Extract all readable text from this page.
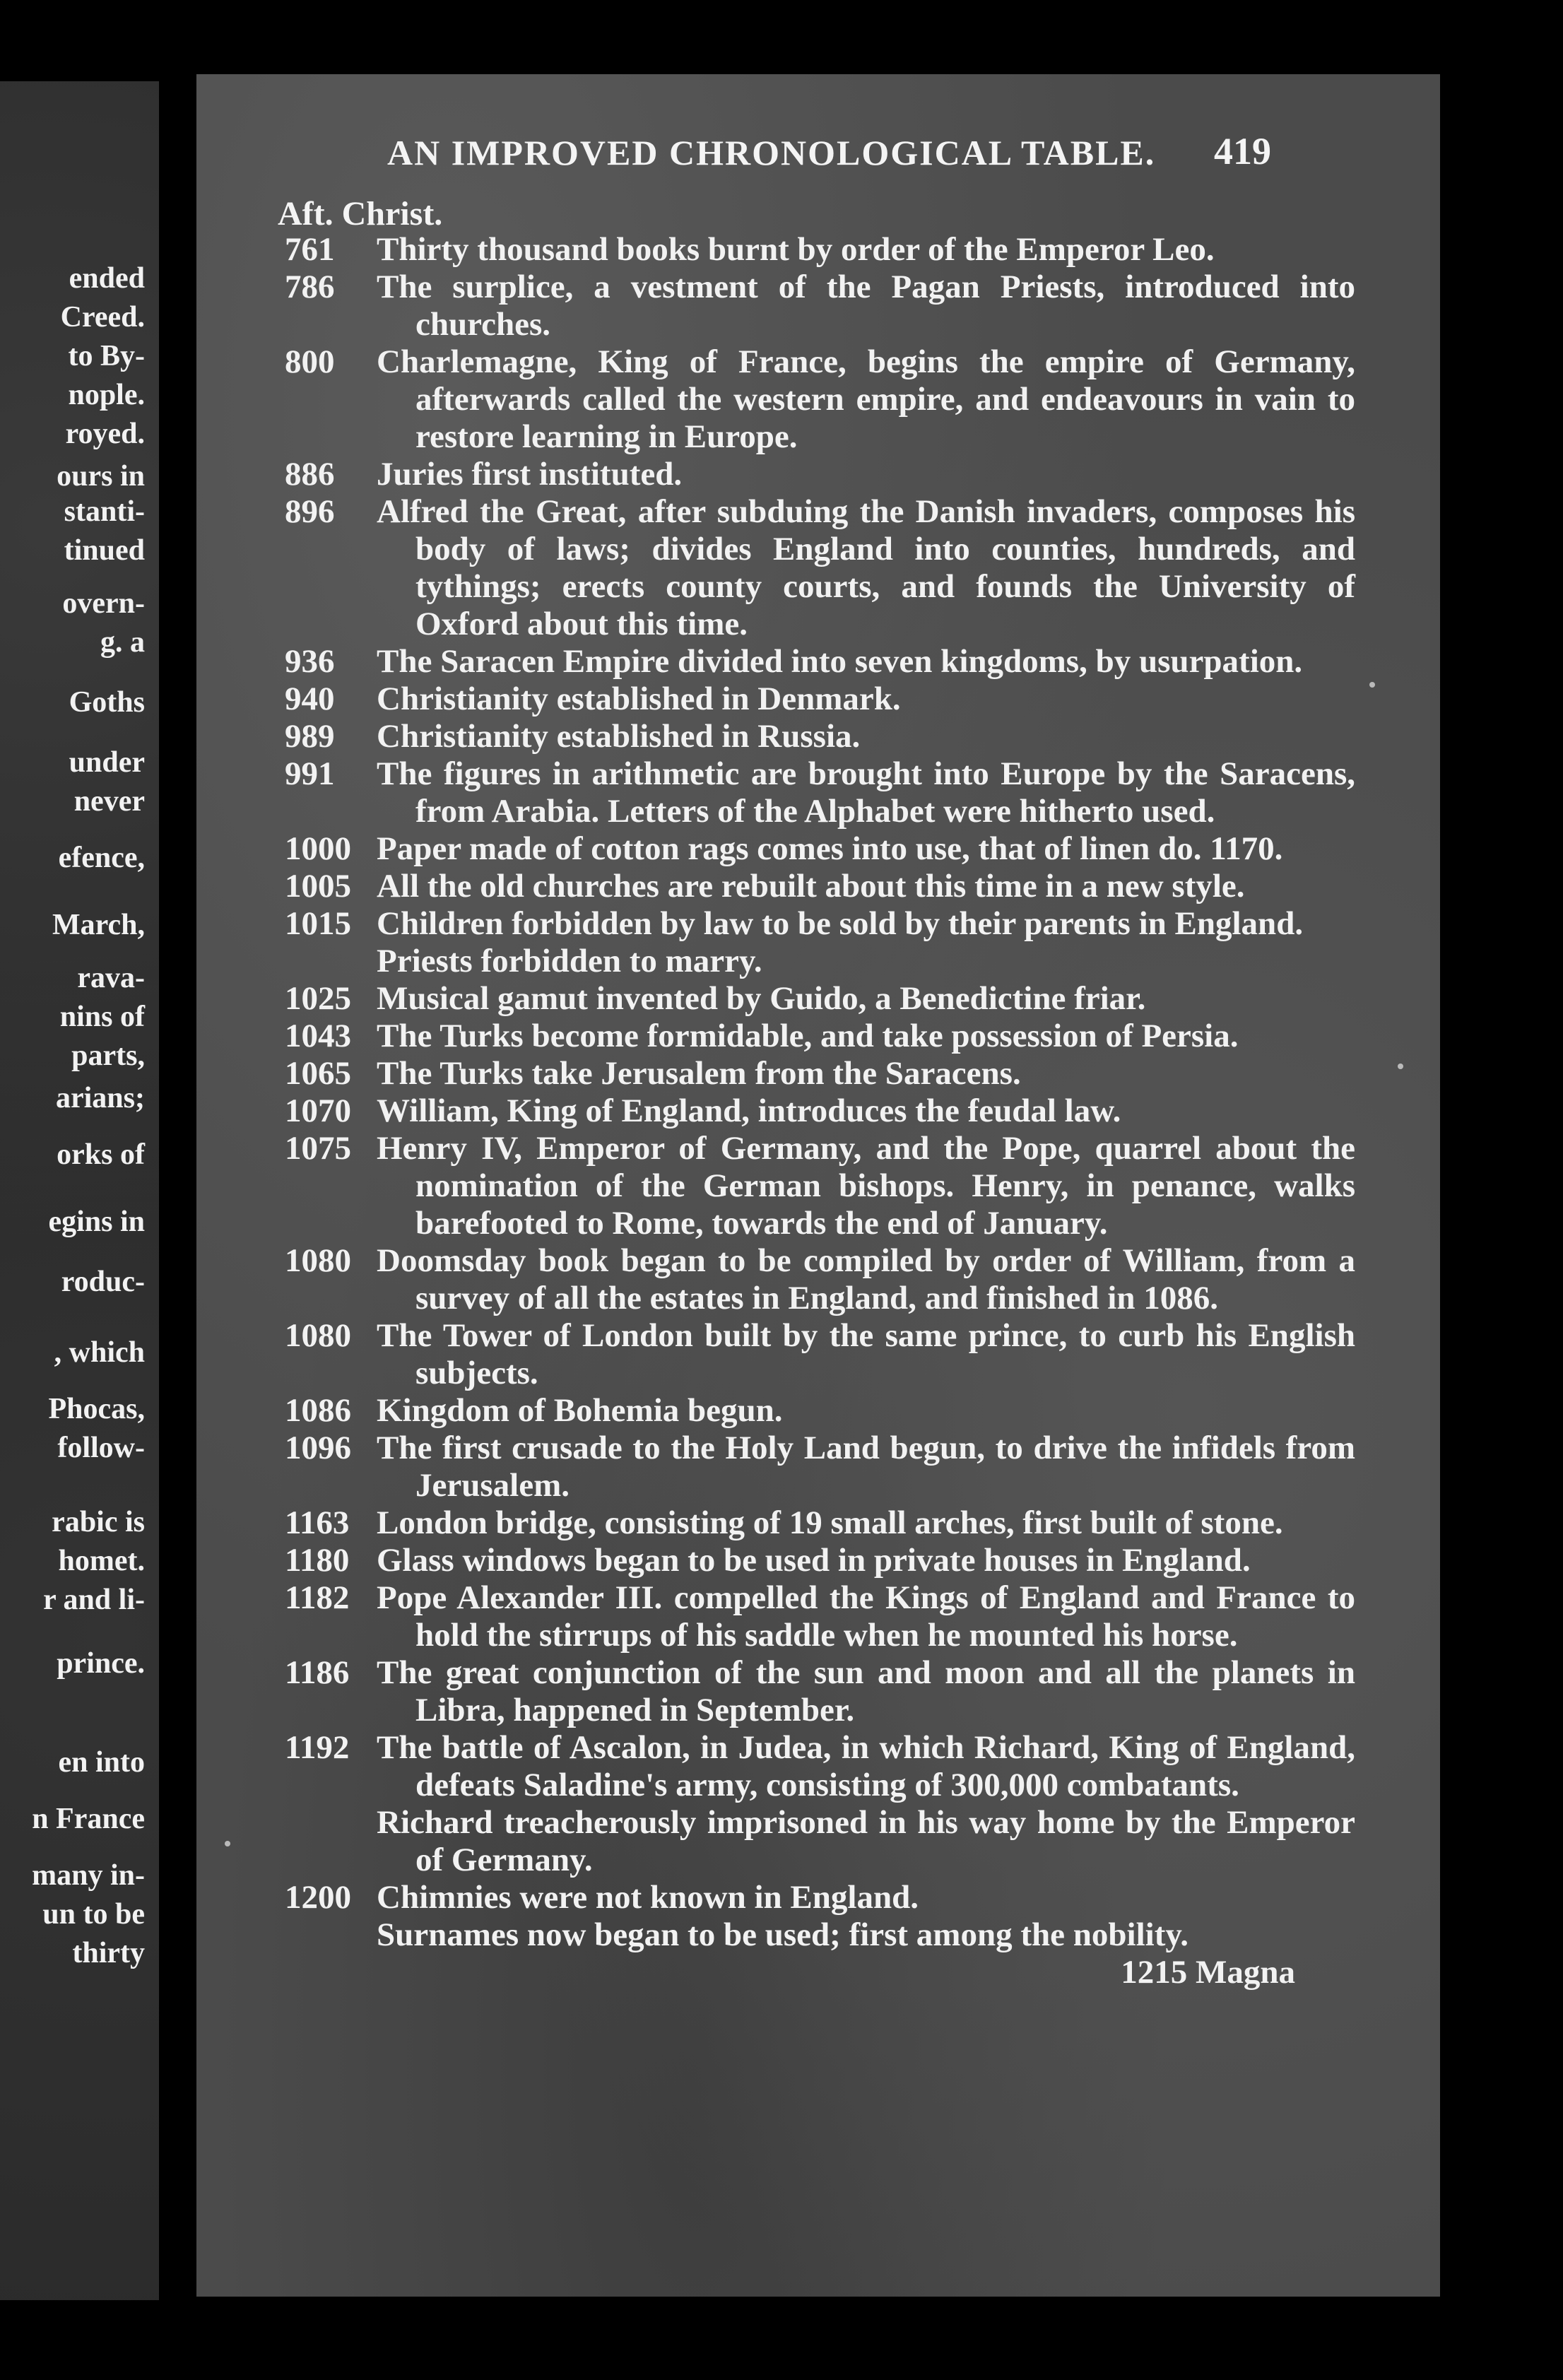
ended
Creed.
to By-
nople.
royed.
ours in
stanti-
tinued
overn-
g. a
Goths
under
never
efence,
March,
rava-
nins of
parts,
arians;
orks of
egins in
roduc-
, which
Phocas,
follow-
rabic is
homet.
r and li-
prince.
en into
n France
many in-
un to be
thirty
AN IMPROVED CHRONOLOGICAL TABLE. 419
Aft. Christ.
761	Thirty thousand books burnt by order of the Emperor Leo.
786	The surplice, a vestment of the Pagan Priests, introduced into churches.
800	Charlemagne, King of France, begins the empire of Germany, afterwards called the western empire, and endeavours in vain to restore learning in Europe.
886	Juries first instituted.
896	Alfred the Great, after subduing the Danish invaders, composes his body of laws; divides England into counties, hundreds, and tythings; erects county courts, and founds the University of Oxford about this time.
936	The Saracen Empire divided into seven kingdoms, by usurpation.
940	Christianity established in Denmark.
989	Christianity established in Russia.
991	The figures in arithmetic are brought into Europe by the Saracens, from Arabia. Letters of the Alphabet were hitherto used.
1000 Paper made of cotton rags comes into use, that of linen do. 1170.
1005 All the old churches are rebuilt about this time in a new style.
1015 Children forbidden by law to be sold by their parents in England.
Priests forbidden to marry.
1025 Musical gamut invented by Guido, a Benedictine friar.
1043 The Turks become formidable, and take possession of Persia.
1065 The Turks take Jerusalem from the Saracens.
1070 William, King of England, introduces the feudal law.
1075 Henry IV, Emperor of Germany, and the Pope, quarrel about the nomination of the German bishops. Henry, in penance, walks barefooted to Rome, towards the end of January.
1080 Doomsday book began to be compiled by order of William, from a survey of all the estates in England, and finished in 1086.
1080 The Tower of London built by the same prince, to curb his English subjects.
1086 Kingdom of Bohemia begun.
1096 The first crusade to the Holy Land begun, to drive the infidels from Jerusalem.
1163 London bridge, consisting of 19 small arches, first built of stone.
1180 Glass windows began to be used in private houses in England.
1182 Pope Alexander III. compelled the Kings of England and France to hold the stirrups of his saddle when he mounted his horse.
1186 The great conjunction of the sun and moon and all the planets in Libra, happened in September.
1192 The battle of Ascalon, in Judea, in which Richard, King of England, defeats Saladine's army, consisting of 300,000 combatants.
Richard treacherously imprisoned in his way home by the Emperor of Germany.
1200 Chimnies were not known in England.
Surnames now began to be used; first among the nobility.
1215 Magna
